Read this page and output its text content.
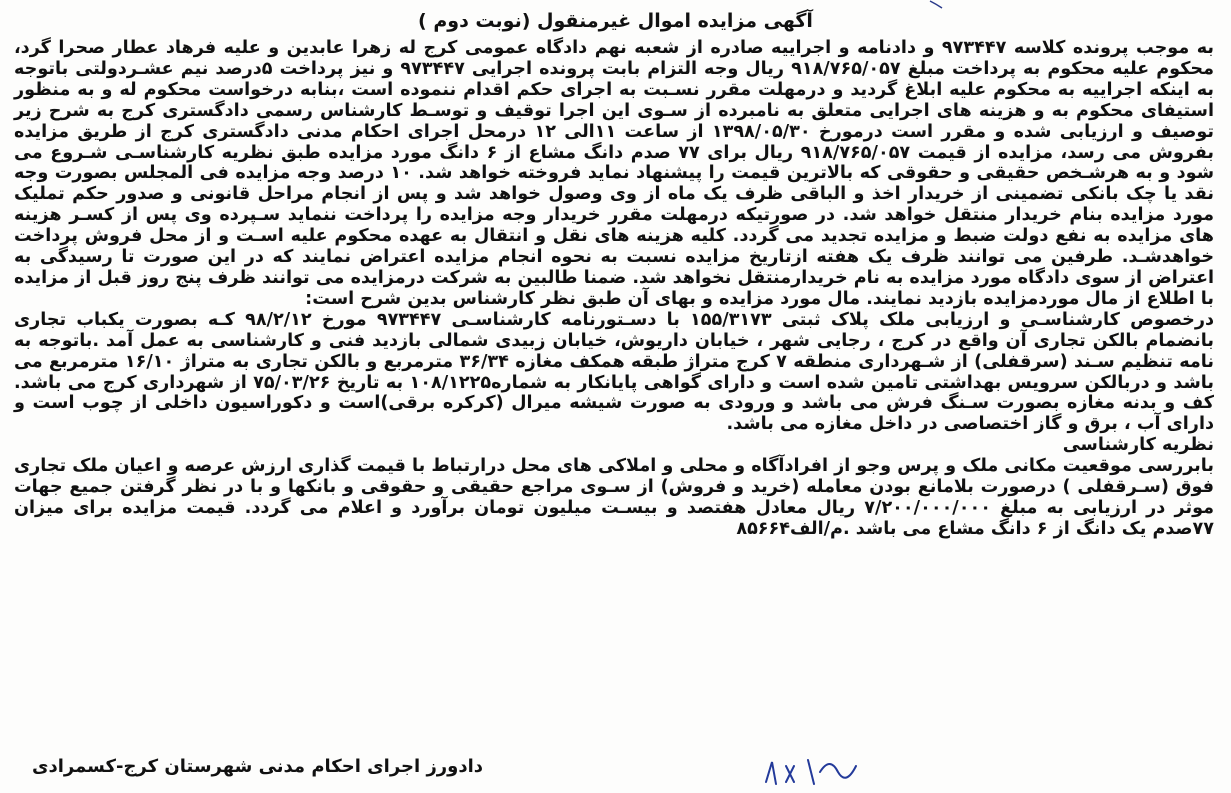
آگهی مزایده اموال غیرمنقول (نوبت دوم )

به موجب پرونده کلاسه ۹۷۳۴۴۷ و دادنامه و اجراییه صادره از شعبه نهم دادگاه عمومی کرج له زهرا عابدین و علیه فرهاد عطار صحرا گرد، محکوم علیه محکوم به پرداخت مبلغ ۹۱۸/۷۶۵/۰۵۷ ریال وجه التزام بابت پرونده اجرایی ۹۷۳۴۴۷ و نیز پرداخت ۵درصد نیم عشـردولتی باتوجه به اینکه اجراییه به محکوم علیه ابلاغ گردید و درمهلت مقرر نسـبت به اجرای حکم اقدام ننموده است ،بنابه درخواست محکوم له و به منظور استیفای محکوم به و هزینه های اجرایی متعلق به نامبرده از سـوی این اجرا توقیف و توسـط کارشناس رسمی دادگستری کرج به شرح زیر توصیف و ارزیابی شده و مقرر است درمورخ ۱۳۹۸/۰۵/۳۰ از ساعت ۱۱الی ۱۲ درمحل اجرای احکام مدنی دادگستری کرج از طریق مزایده بفروش می رسد، مزایده از قیمت ۹۱۸/۷۶۵/۰۵۷ ریال برای ۷۷ صدم دانگ مشاع از ۶ دانگ مورد مزایده طبق نظریه کارشناسـی شـروع می شود و به هرشـخص حقیقی و حقوقی که بالاترین قیمت را پیشنهاد نماید فروخته خواهد شد. ۱۰ درصد وجه مزایده فی المجلس بصورت وجه نقد یا چک بانکی تضمینی از خریدار اخذ و الباقی ظرف یک ماه از وی وصول خواهد شد و پس از انجام مراحل قانونی و صدور حکم تملیک مورد مزایده بنام خریدار منتقل خواهد شد. در صورتیکه درمهلت مقرر خریدار وجه مزایده را پرداخت ننماید سـپرده وی پس از کسـر هزینه های مزایده به نفع دولت ضبط و مزایده تجدید می گردد. کلیه هزینه های نقل و انتقال به عهده محکوم علیه اسـت و از محل فروش پرداخت خواهدشـد. طرفین می توانند ظرف یک هفته ازتاریخ مزایده نسبت به نحوه انجام مزایده اعتراض نمایند که در این صورت تا رسیدگی به اعتراض از سوی دادگاه مورد مزایده به نام خریدارمنتقل نخواهد شد. ضمنا طالبین به شرکت درمزایده می توانند ظرف پنج روز قبل از مزایده با اطلاع از مال موردمزایده بازدید نمایند. مال مورد مزایده و بهای آن طبق نظر کارشناس بدین شرح است:

درخصوص کارشناسـی و ارزیابی ملک پلاک ثبتی ۱۵۵/۳۱۷۳ با دسـتورنامه کارشناسـی ۹۷۳۴۴۷ مورخ ۹۸/۲/۱۲ کـه بصورت یکباب تجاری بانضمام بالکن تجاری آن واقع در کرج ، رجایی شهر ، خیابان داریوش، خیابان زبیدی شمالی بازدید فنی و کارشناسی به عمل آمد .باتوجه به نامه تنظیم سـند (سرقفلی) از شـهرداری منطقه ۷ کرج متراژ طبقه همکف مغازه ۳۶/۳۴ مترمربع و بالکن تجاری به متراژ ۱۶/۱۰ مترمربع می باشد و دربالکن سرویس بهداشتی تامین شده است و دارای گواهی پایانکار به شماره۱۰۸/۱۲۲۵ به تاریخ ۷۵/۰۳/۲۶ از شهرداری کرج می باشد. کف و بدنه مغازه بصورت سـنگ فرش می باشد و ورودی به صورت شیشه میرال (کرکره برقی)است و دکوراسیون داخلی از چوب است و دارای آب ، برق و گاز اختصاصی در داخل مغازه می باشد.

نظریه کارشناسی

بابررسی موقعیت مکانی ملک و پرس وجو از افرادآگاه و محلی و املاکی های محل درارتباط با قیمت گذاری ارزش عرصه و اعیان ملک تجاری فوق (سـرقفلی ) درصورت بلامانع بودن معامله (خرید و فروش) از سـوی مراجع حقیقی و حقوقی و بانکها و با در نظر گرفتن جمیع جهات موثر در ارزیابی به مبلغ ۷/۲۰۰/۰۰۰/۰۰۰ ریال معادل هفتصد و بیسـت میلیون تومان برآورد و اعلام می گردد. قیمت مزایده برای میزان ۷۷صدم یک دانگ از ۶ دانگ مشاع می باشد .م/الف۸۵۶۶۴

دادورز اجرای احکام مدنی شهرستان کرج-کسمرادی
